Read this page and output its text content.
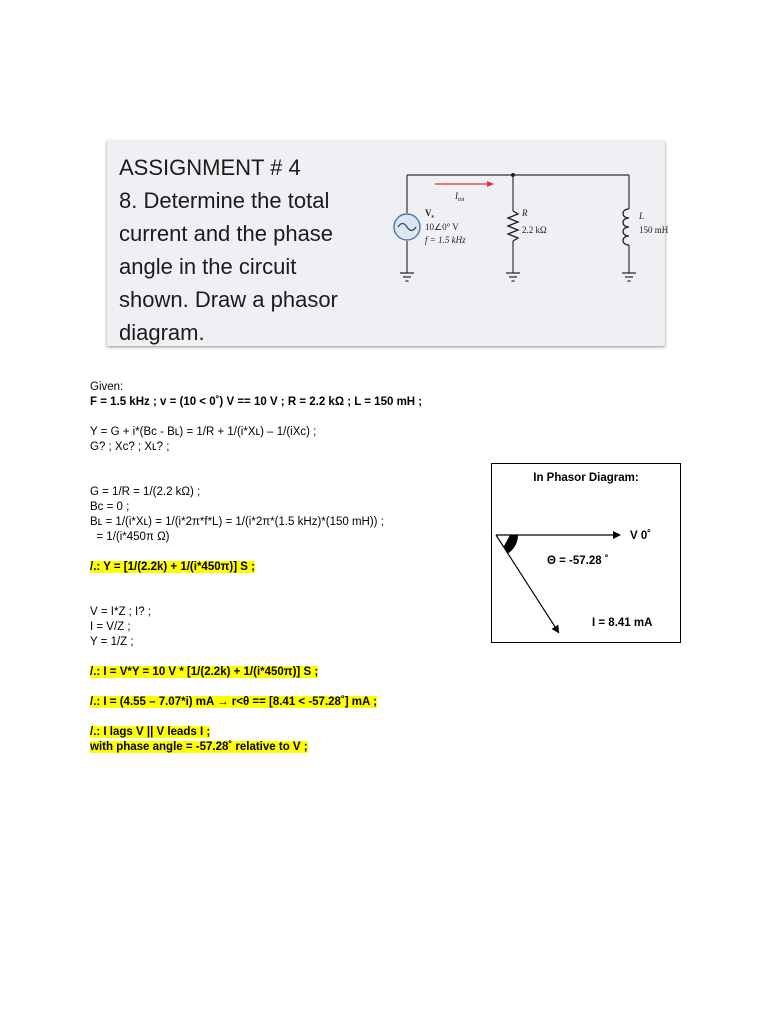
ASSIGNMENT # 4
8. Determine the total
current and the phase
angle in the circuit
shown. Draw a phasor
diagram.
$I_{tot}$
$V_s$
10∠0° V
f = 1.5 kHz
R
2.2 kΩ
L
150 mH
Given:
F = 1.5 kHz ; v = (10 < 0˚) V == 10 V ; R = 2.2 kΩ ; L = 150 mH ;
Y = G + i*(Bc - Bʟ) = 1/R + 1/(i*Xʟ) – 1/(iXc) ;
G? ; Xc? ; Xʟ? ;
G = 1/R = 1/(2.2 kΩ) ;
Bc = 0 ;
Bʟ = 1/(i*Xʟ) = 1/(i*2π*f*L) = 1/(i*2π*(1.5 kHz)*(150 mH)) ;
= 1/(i*450π Ω)
/.: Y = [1/(2.2k) + 1/(i*450π)] S ;
V = I*Z ; I? ;
I = V/Z ;
Y = 1/Z ;
/.: I = V*Y = 10 V * [1/(2.2k) + 1/(i*450π)] S ;
/.: I = (4.55 – 7.07*i) mA → r<θ == [8.41 < -57.28˚] mA ;
/.: I lags V || V leads I ;
with phase angle = -57.28˚ relative to V ;
In Phasor Diagram:
V 0˚
Θ = -57.28 ˚
I = 8.41 mA
